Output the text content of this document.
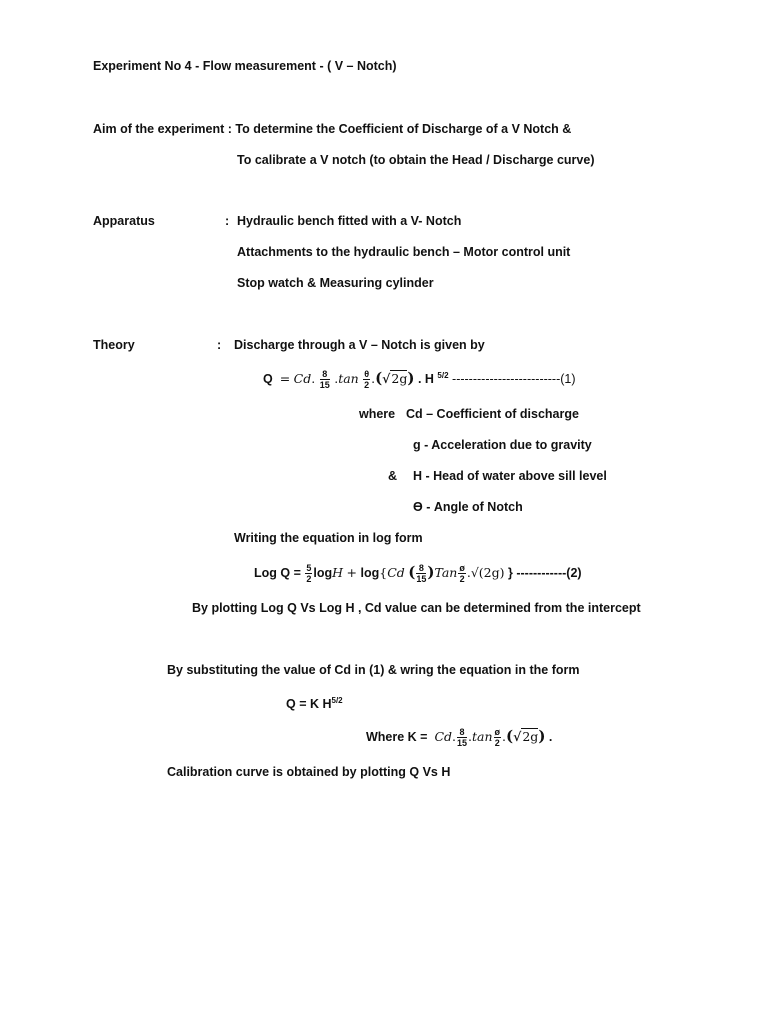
Experiment No 4 - Flow measurement - ( V – Notch)
Aim of the experiment : To determine the Coefficient of Discharge of a V Notch &
To calibrate a V notch (to obtain the Head / Discharge curve)
Apparatus	: Hydraulic bench fitted with a V- Notch
Attachments to the hydraulic bench – Motor control unit
Stop watch & Measuring cylinder
Theory	: Discharge through a V – Notch is given by
Q = Cd. $\frac{8}{15} .\tan \frac{\theta}{2} .(√2g)$ . H $^{5/2}$ --------------------------(1)
where Cd – Coefficient of discharge
g - Acceleration due to gravity
& H - Head of water above sill level
ϴ - Angle of Notch
Writing the equation in log form
Log $Q = \frac{5}{2}$ logH + log{Cd ( $\frac{8}{15} )Tan \frac{ø}{2} .√(2g)$ } ------------(2)
By plotting Log Q Vs Log H , Cd value can be determined from the intercept
By substituting the value of Cd in (1) & wring the equation in the form
Q = K $H^{5/2}$
Where K = Cd. $\frac{8}{15} .\tan \frac{ø}{2} .(√2g)$ .
Calibration curve is obtained by plotting Q Vs H
